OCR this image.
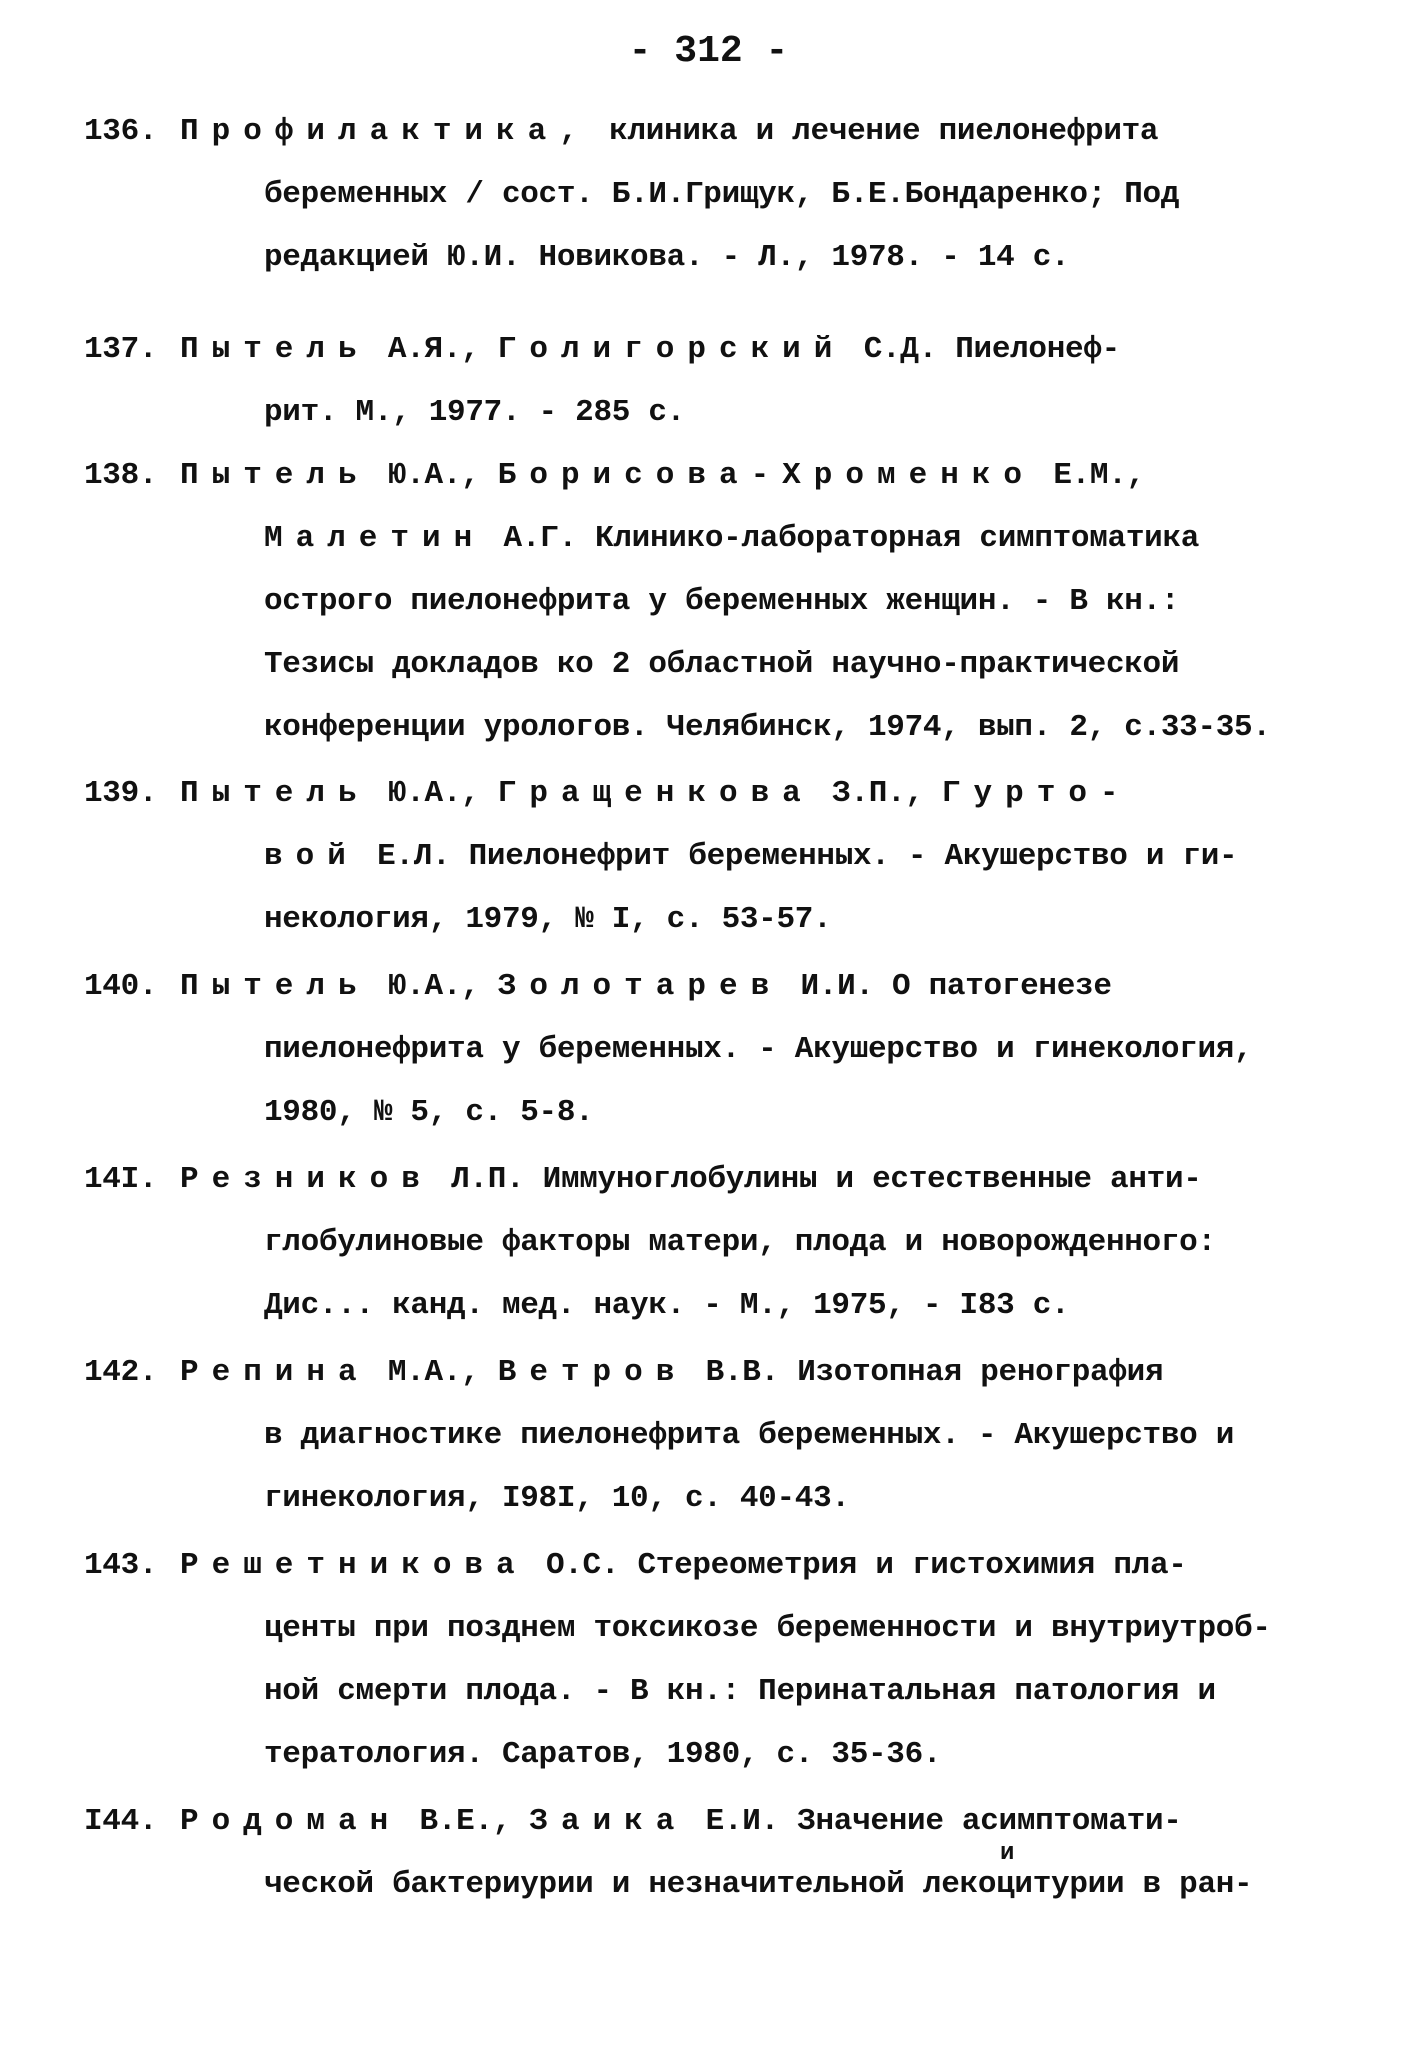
- 312 -
136. Профилактика, клиника и лечение пиелонефрита
беременных / сост. Б.И.Грищук, Б.Е.Бондаренко; Под
редакцией Ю.И. Новикова. - Л., 1978. - 14 с.
137. Пытель А.Я., Голигорский С.Д. Пиелонеф-
рит. М., 1977. - 285 с.
138. Пытель Ю.А., Борисова-Хроменко Е.М.,
Малетин А.Г. Клинико-лабораторная симптоматика
острого пиелонефрита у беременных женщин. - В кн.:
Тезисы докладов ко 2 областной научно-практической
конференции урологов. Челябинск, 1974, вып. 2, с.33-35.
139. Пытель Ю.А., Гращенкова З.П., Гурто-
вой Е.Л. Пиелонефрит беременных. - Акушерство и ги-
некология, 1979, № I, с. 53-57.
140. Пытель Ю.А., Золотарев И.И. О патогенезе
пиелонефрита у беременных. - Акушерство и гинекология,
1980, № 5, с. 5-8.
14I. Резников Л.П. Иммуноглобулины и естественные анти-
глобулиновые факторы матери, плода и новорожденного:
Дис... канд. мед. наук. - М., 1975, - I83 с.
142. Репина М.А., Ветров В.В. Изотопная ренография
в диагностике пиелонефрита беременных. - Акушерство и
гинекология, I98I, 10, с. 40-43.
143. Решетникова О.С. Стереометрия и гистохимия пла-
центы при позднем токсикозе беременности и внутриутроб-
ной смерти плода. - В кн.: Перинатальная патология и
тератология. Саратов, 1980, с. 35-36.
I44. Родоман В.Е., Заика Е.И. Значение асимптомати-
ческой бактериурии и незначительной лекоцитурии в ран-
и
